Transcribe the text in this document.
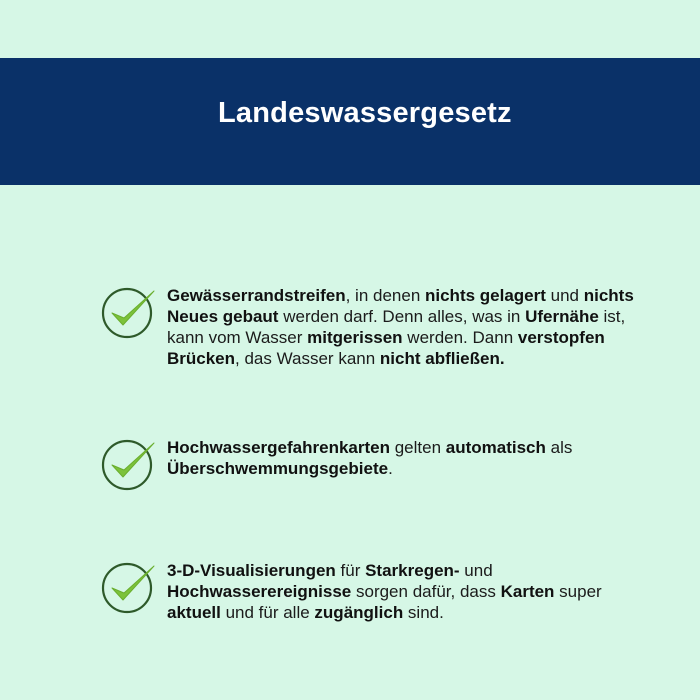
Landeswassergesetz

Gewässerrandstreifen, in denen nichts gelagert und nichts Neues gebaut werden darf. Denn alles, was in Ufernähe ist, kann vom Wasser mitgerissen werden. Dann verstopfen Brücken, das Wasser kann nicht abfließen.

Hochwassergefahrenkarten gelten automatisch als Überschwemmungsgebiete.

3-D-Visualisierungen für Starkregen- und Hochwasserereignisse sorgen dafür, dass Karten super aktuell und für alle zugänglich sind.
